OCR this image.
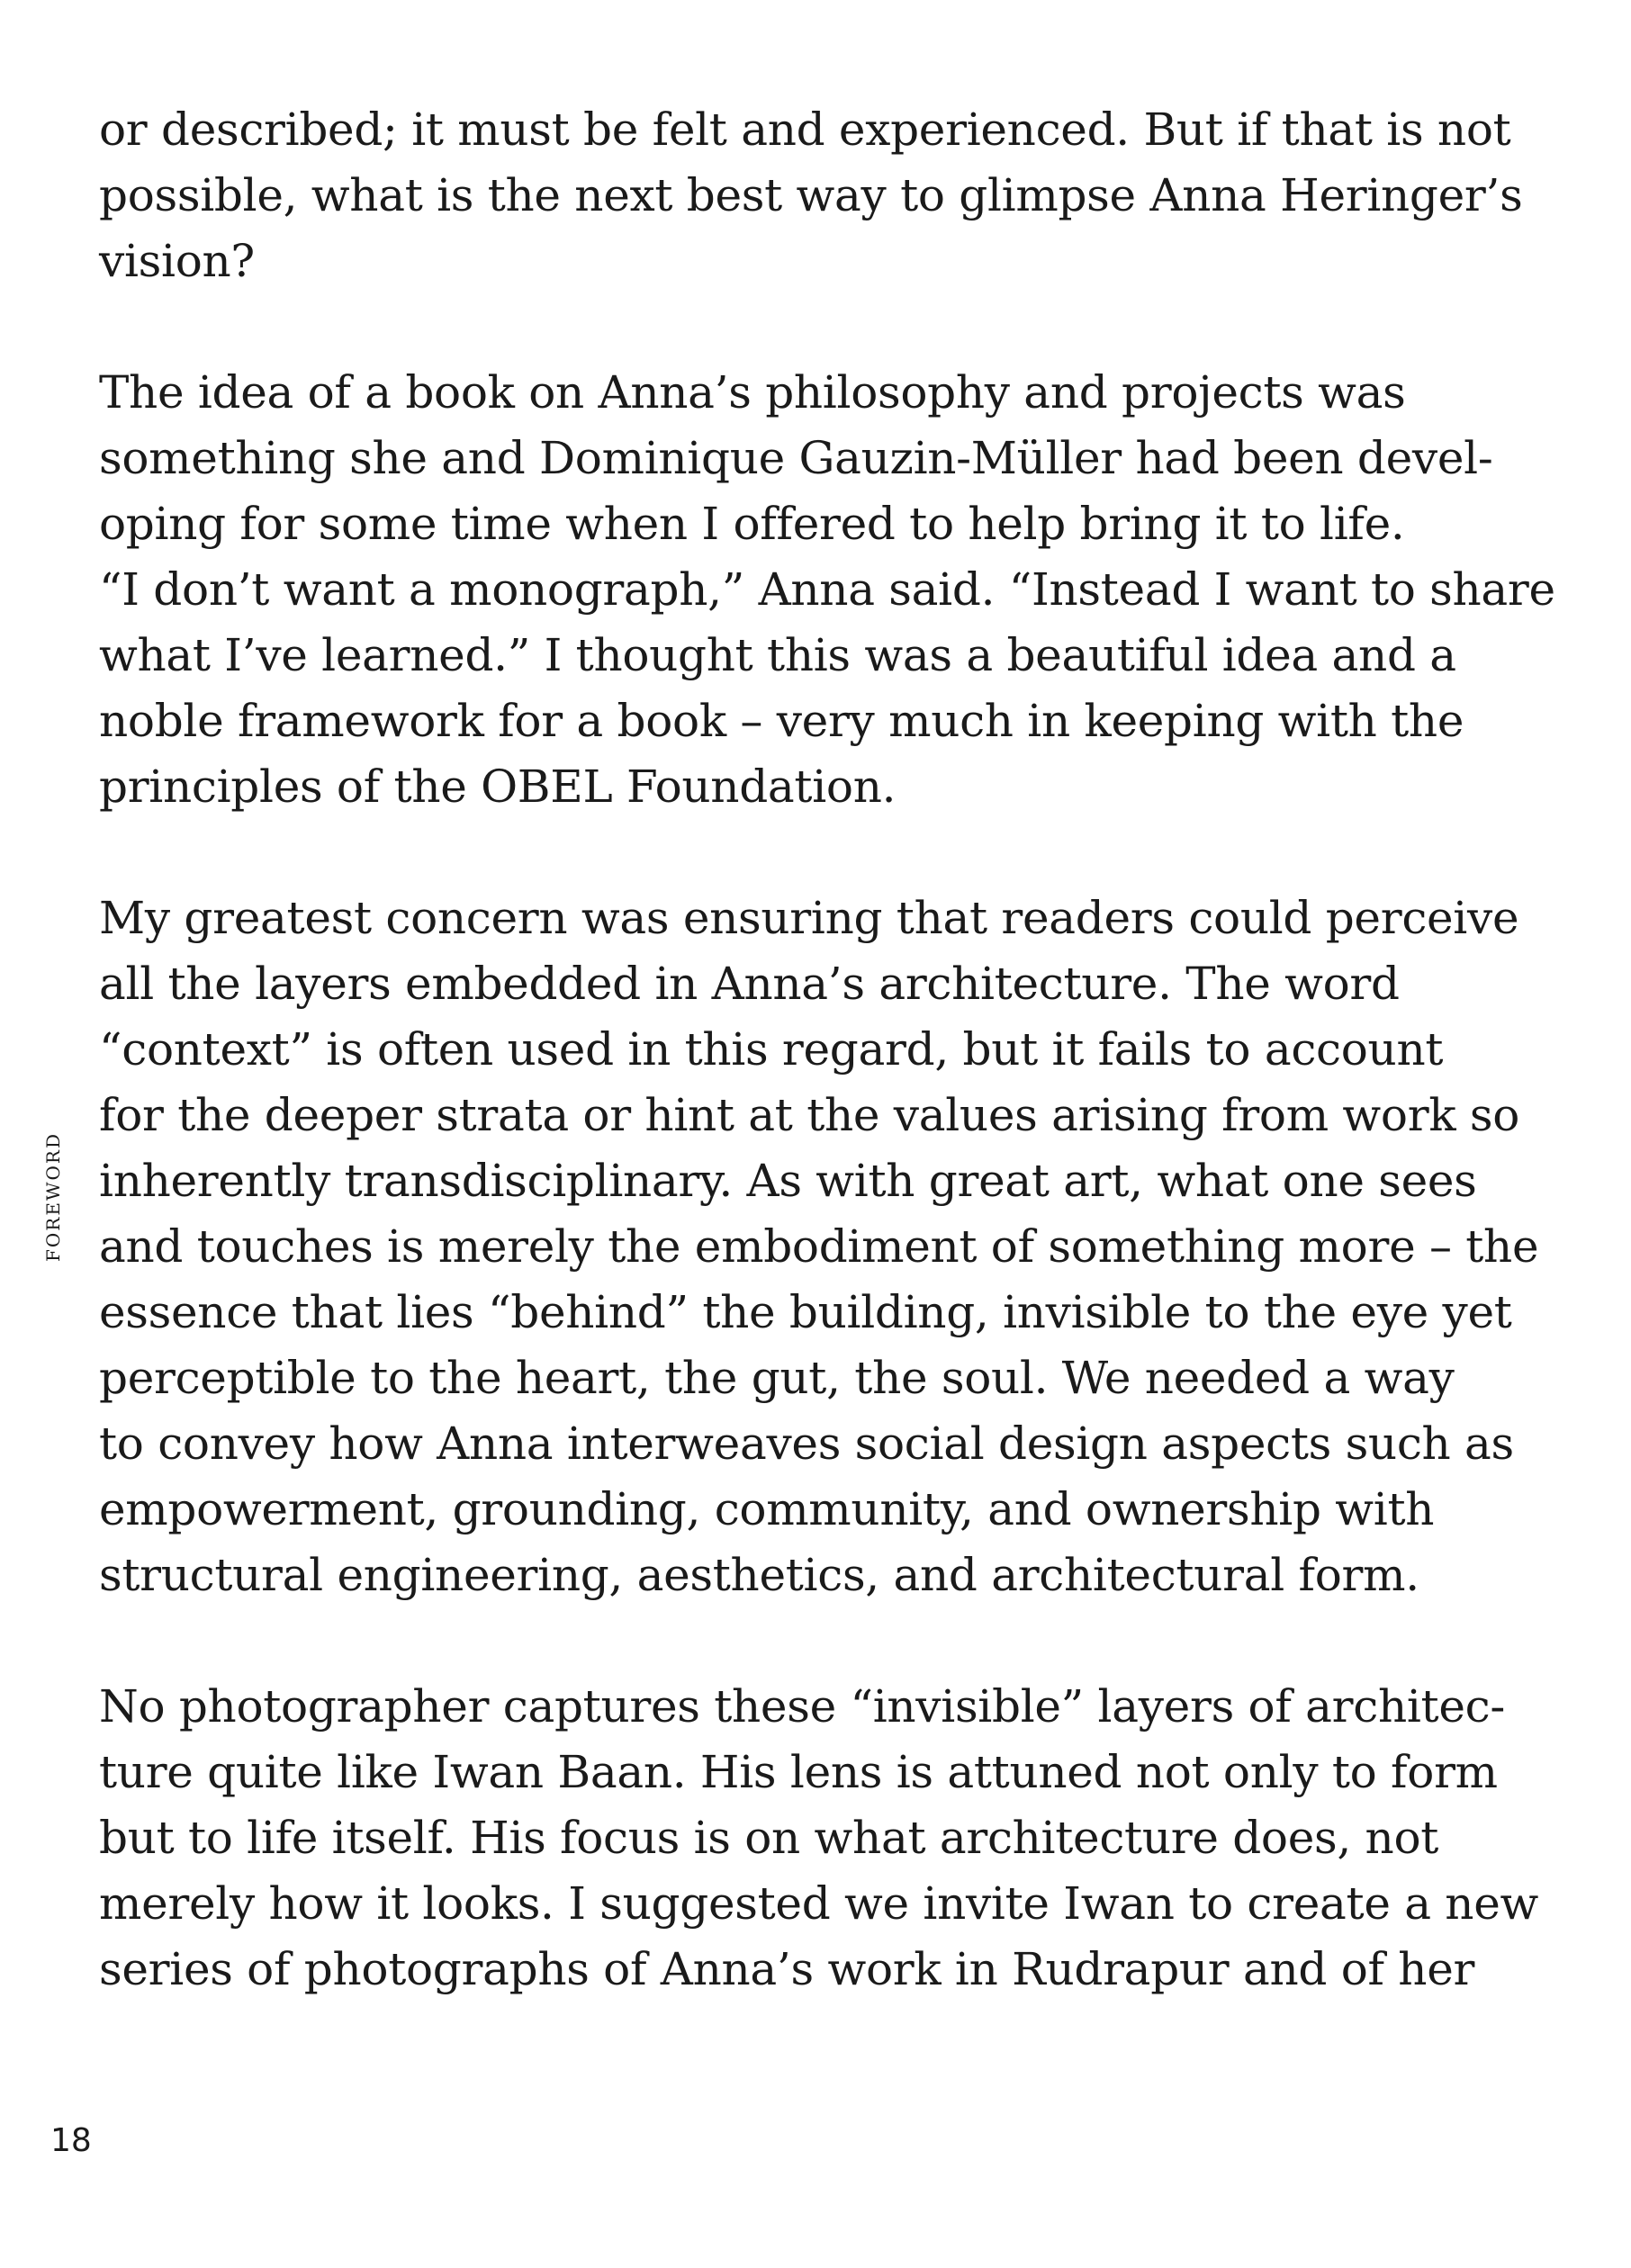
or described; it must be felt and experienced. But if that is not
possible, what is the next best way to glimpse Anna Heringer’s
vision?

The idea of a book on Anna’s philosophy and projects was
something she and Dominique Gauzin-Müller had been devel-
oping for some time when I offered to help bring it to life.
“I don’t want a monograph,” Anna said. “Instead I want to share
what I’ve learned.” I thought this was a beautiful idea and a
noble framework for a book – very much in keeping with the
principles of the OBEL Foundation.

My greatest concern was ensuring that readers could perceive
all the layers embedded in Anna’s architecture. The word
“context” is often used in this regard, but it fails to account
for the deeper strata or hint at the values arising from work so
inherently transdisciplinary. As with great art, what one sees
and touches is merely the embodiment of something more – the
essence that lies “behind” the building, invisible to the eye yet
perceptible to the heart, the gut, the soul. We needed a way
to convey how Anna interweaves social design aspects such as
empowerment, grounding, community, and ownership with
structural engineering, aesthetics, and architectural form.

No photographer captures these “invisible” layers of architec-
ture quite like Iwan Baan. His lens is attuned not only to form
but to life itself. His focus is on what architecture does, not
merely how it looks. I suggested we invite Iwan to create a new
series of photographs of Anna’s work in Rudrapur and of her

FOREWORD
18
